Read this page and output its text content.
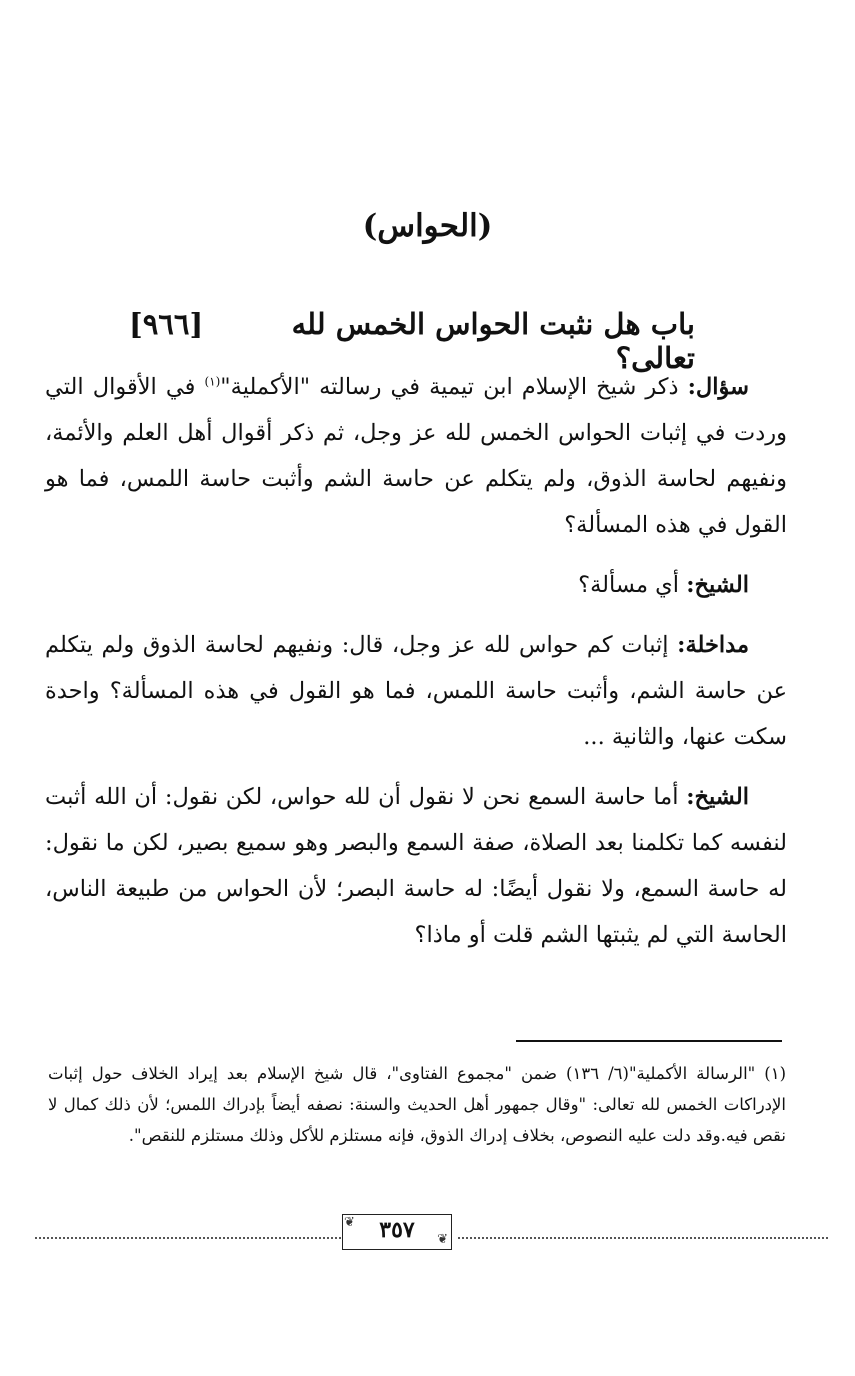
(الحواس)
باب هل نثبت الحواس الخمس لله تعالى؟
[٩٦٦]

سؤال: ذكر شيخ الإسلام ابن تيمية في رسالته "الأكملية"$^{(١)}$ في الأقوال التي وردت في إثبات الحواس الخمس لله عز وجل، ثم ذكر أقوال أهل العلم والأئمة، ونفيهم لحاسة الذوق، ولم يتكلم عن حاسة الشم وأثبت حاسة اللمس، فما هو القول في هذه المسألة؟

الشيخ: أي مسألة؟

مداخلة: إثبات كم حواس لله عز وجل، قال: ونفيهم لحاسة الذوق ولم يتكلم عن حاسة الشم، وأثبت حاسة اللمس، فما هو القول في هذه المسألة؟ واحدة سكت عنها، والثانية ...

الشيخ: أما حاسة السمع نحن لا نقول أن لله حواس، لكن نقول: أن الله أثبت لنفسه كما تكلمنا بعد الصلاة، صفة السمع والبصر وهو سميع بصير، لكن ما نقول: له حاسة السمع، ولا نقول أيضًا: له حاسة البصر؛ لأن الحواس من طبيعة الناس، الحاسة التي لم يثبتها الشم قلت أو ماذا؟

(١) "الرسالة الأكملية"(٦/ ١٣٦) ضمن "مجموع الفتاوى"، قال شيخ الإسلام بعد إيراد الخلاف حول إثبات الإدراكات الخمس لله تعالى: "وقال جمهور أهل الحديث والسنة: نصفه أيضاً بإدراك اللمس؛ لأن ذلك كمال لا نقص فيه.وقد دلت عليه النصوص، بخلاف إدراك الذوق، فإنه مستلزم للأكل وذلك مستلزم للنقص".

❦
❦
٣٥٧
